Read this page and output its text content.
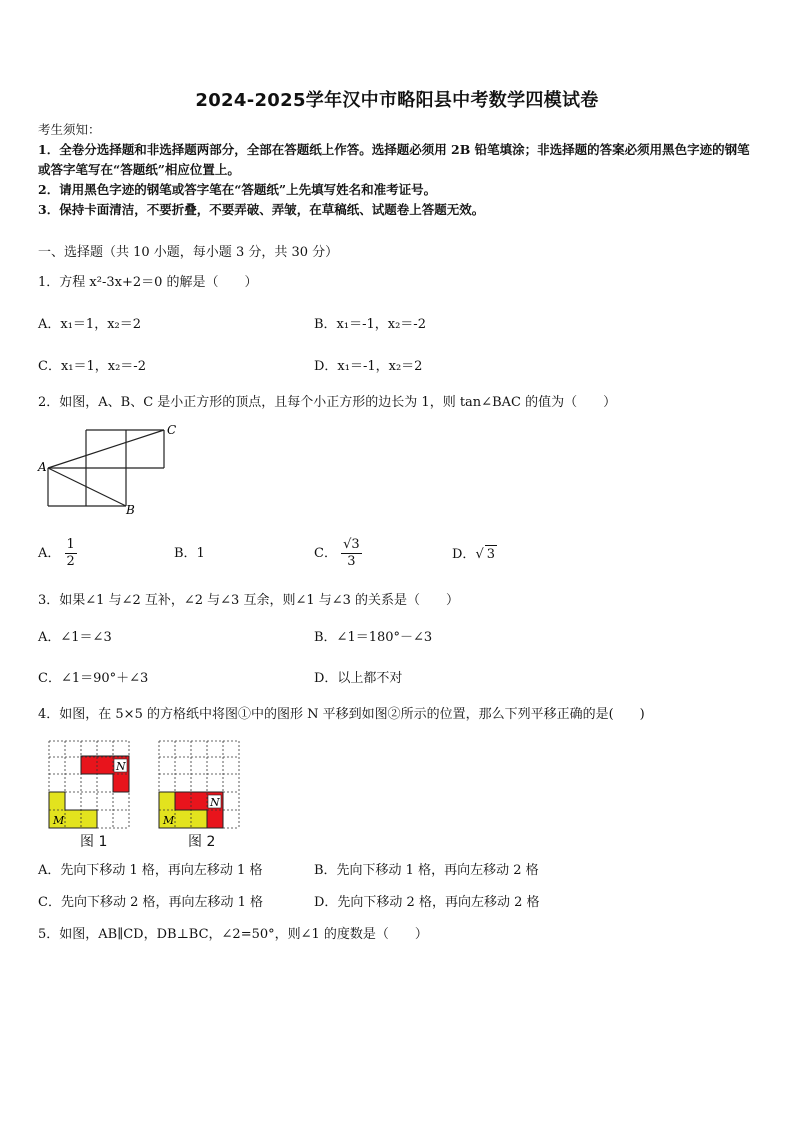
2024-2025学年汉中市略阳县中考数学四模试卷

考生须知：

1．全卷分选择题和非选择题两部分，全部在答题纸上作答。选择题必须用 2B 铅笔填涂；非选择题的答案必须用黑色字迹的钢笔或答字笔写在“答题纸”相应位置上。

2．请用黑色字迹的钢笔或答字笔在“答题纸”上先填写姓名和准考证号。

3．保持卡面清洁，不要折叠，不要弄破、弄皱，在草稿纸、试题卷上答题无效。

一、选择题（共 10 小题，每小题 3 分，共 30 分）
1．方程 x²-3x+2＝0 的解是（　　）
A．x₁＝1，x₂＝2	B．x₁＝-1，x₂＝-2
C．x₁＝1，x₂＝-2	D．x₁＝-1，x₂＝2
2．如图，A、B、C 是小正方形的顶点，且每个小正方形的边长为 1，则 tan∠BAC 的值为（　　）
A
C
B
A． $\frac{1}{2}$	B．1	C． $\frac{√3}{3}$	D．√ 3
3．如果∠1 与∠2 互补，∠2 与∠3 互余，则∠1 与∠3 的关系是（　　）
A．∠1＝∠3	B．∠1＝180°－∠3
C．∠1＝90°＋∠3	D．以上都不对
4．如图，在 5×5 的方格纸中将图①中的图形 N 平移到如图②所示的位置，那么下列平移正确的是(　　)
N
M
图 1
N
M
图 2
A．先向下移动 1 格，再向左移动 1 格	B．先向下移动 1 格，再向左移动 2 格
C．先向下移动 2 格，再向左移动 1 格	D．先向下移动 2 格，再向左移动 2 格
5．如图，AB∥CD，DB⊥BC，∠2=50°，则∠1 的度数是（　　）
